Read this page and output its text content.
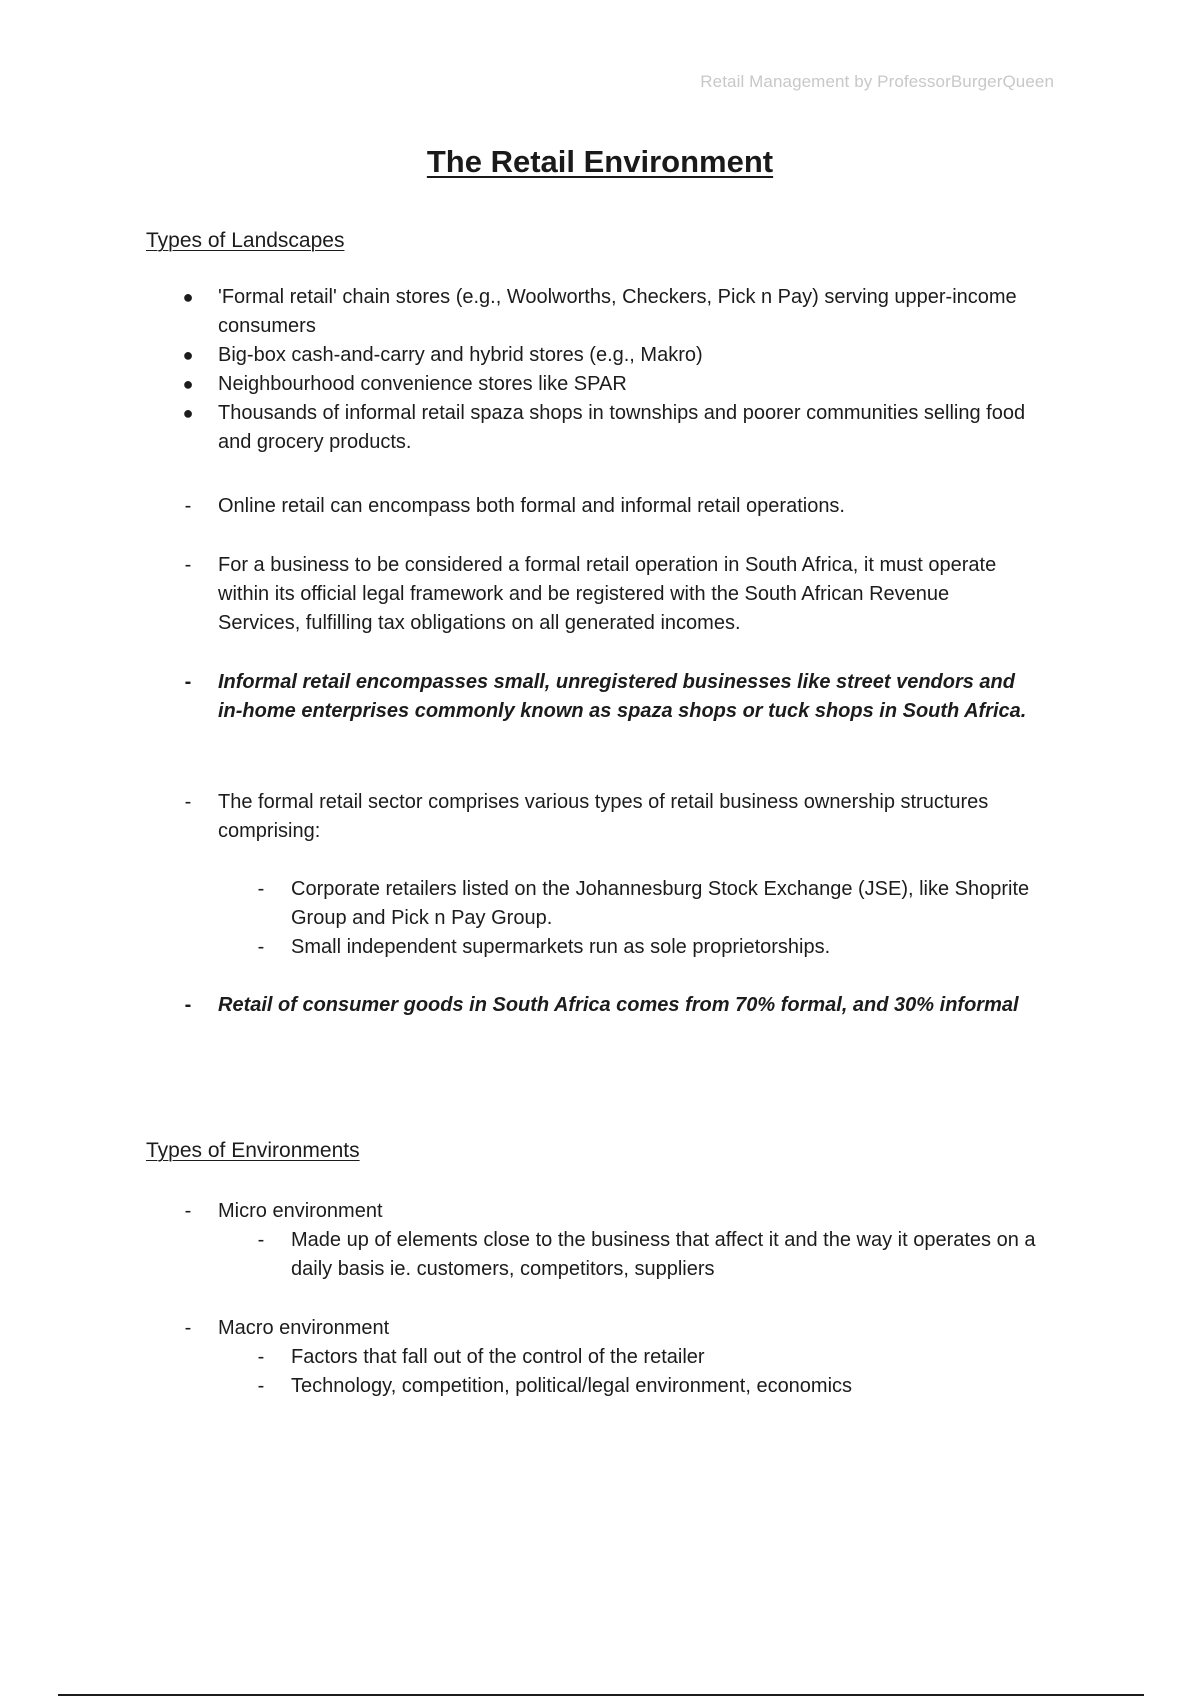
Retail Management by ProfessorBurgerQueen
The Retail Environment
Types of Landscapes
● 'Formal retail' chain stores (e.g., Woolworths, Checkers, Pick n Pay) serving upper-income consumers
● Big-box cash-and-carry and hybrid stores (e.g., Makro)
● Neighbourhood convenience stores like SPAR
● Thousands of informal retail spaza shops in townships and poorer communities selling food and grocery products.
-	Online retail can encompass both formal and informal retail operations.
-	For a business to be considered a formal retail operation in South Africa, it must operate within its official legal framework and be registered with the South African Revenue Services, fulfilling tax obligations on all generated incomes.
-	Informal retail encompasses small, unregistered businesses like street vendors and in-home enterprises commonly known as spaza shops or tuck shops in South Africa.
-	The formal retail sector comprises various types of retail business ownership structures comprising:
-	Corporate retailers listed on the Johannesburg Stock Exchange (JSE), like Shoprite Group and Pick n Pay Group.
-	Small independent supermarkets run as sole proprietorships.
-	Retail of consumer goods in South Africa comes from 70% formal, and 30% informal
Types of Environments
-	Micro environment
-	Made up of elements close to the business that affect it and the way it operates on a daily basis ie. customers, competitors, suppliers
-	Macro environment
-	Factors that fall out of the control of the retailer
-	Technology, competition, political/legal environment, economics
